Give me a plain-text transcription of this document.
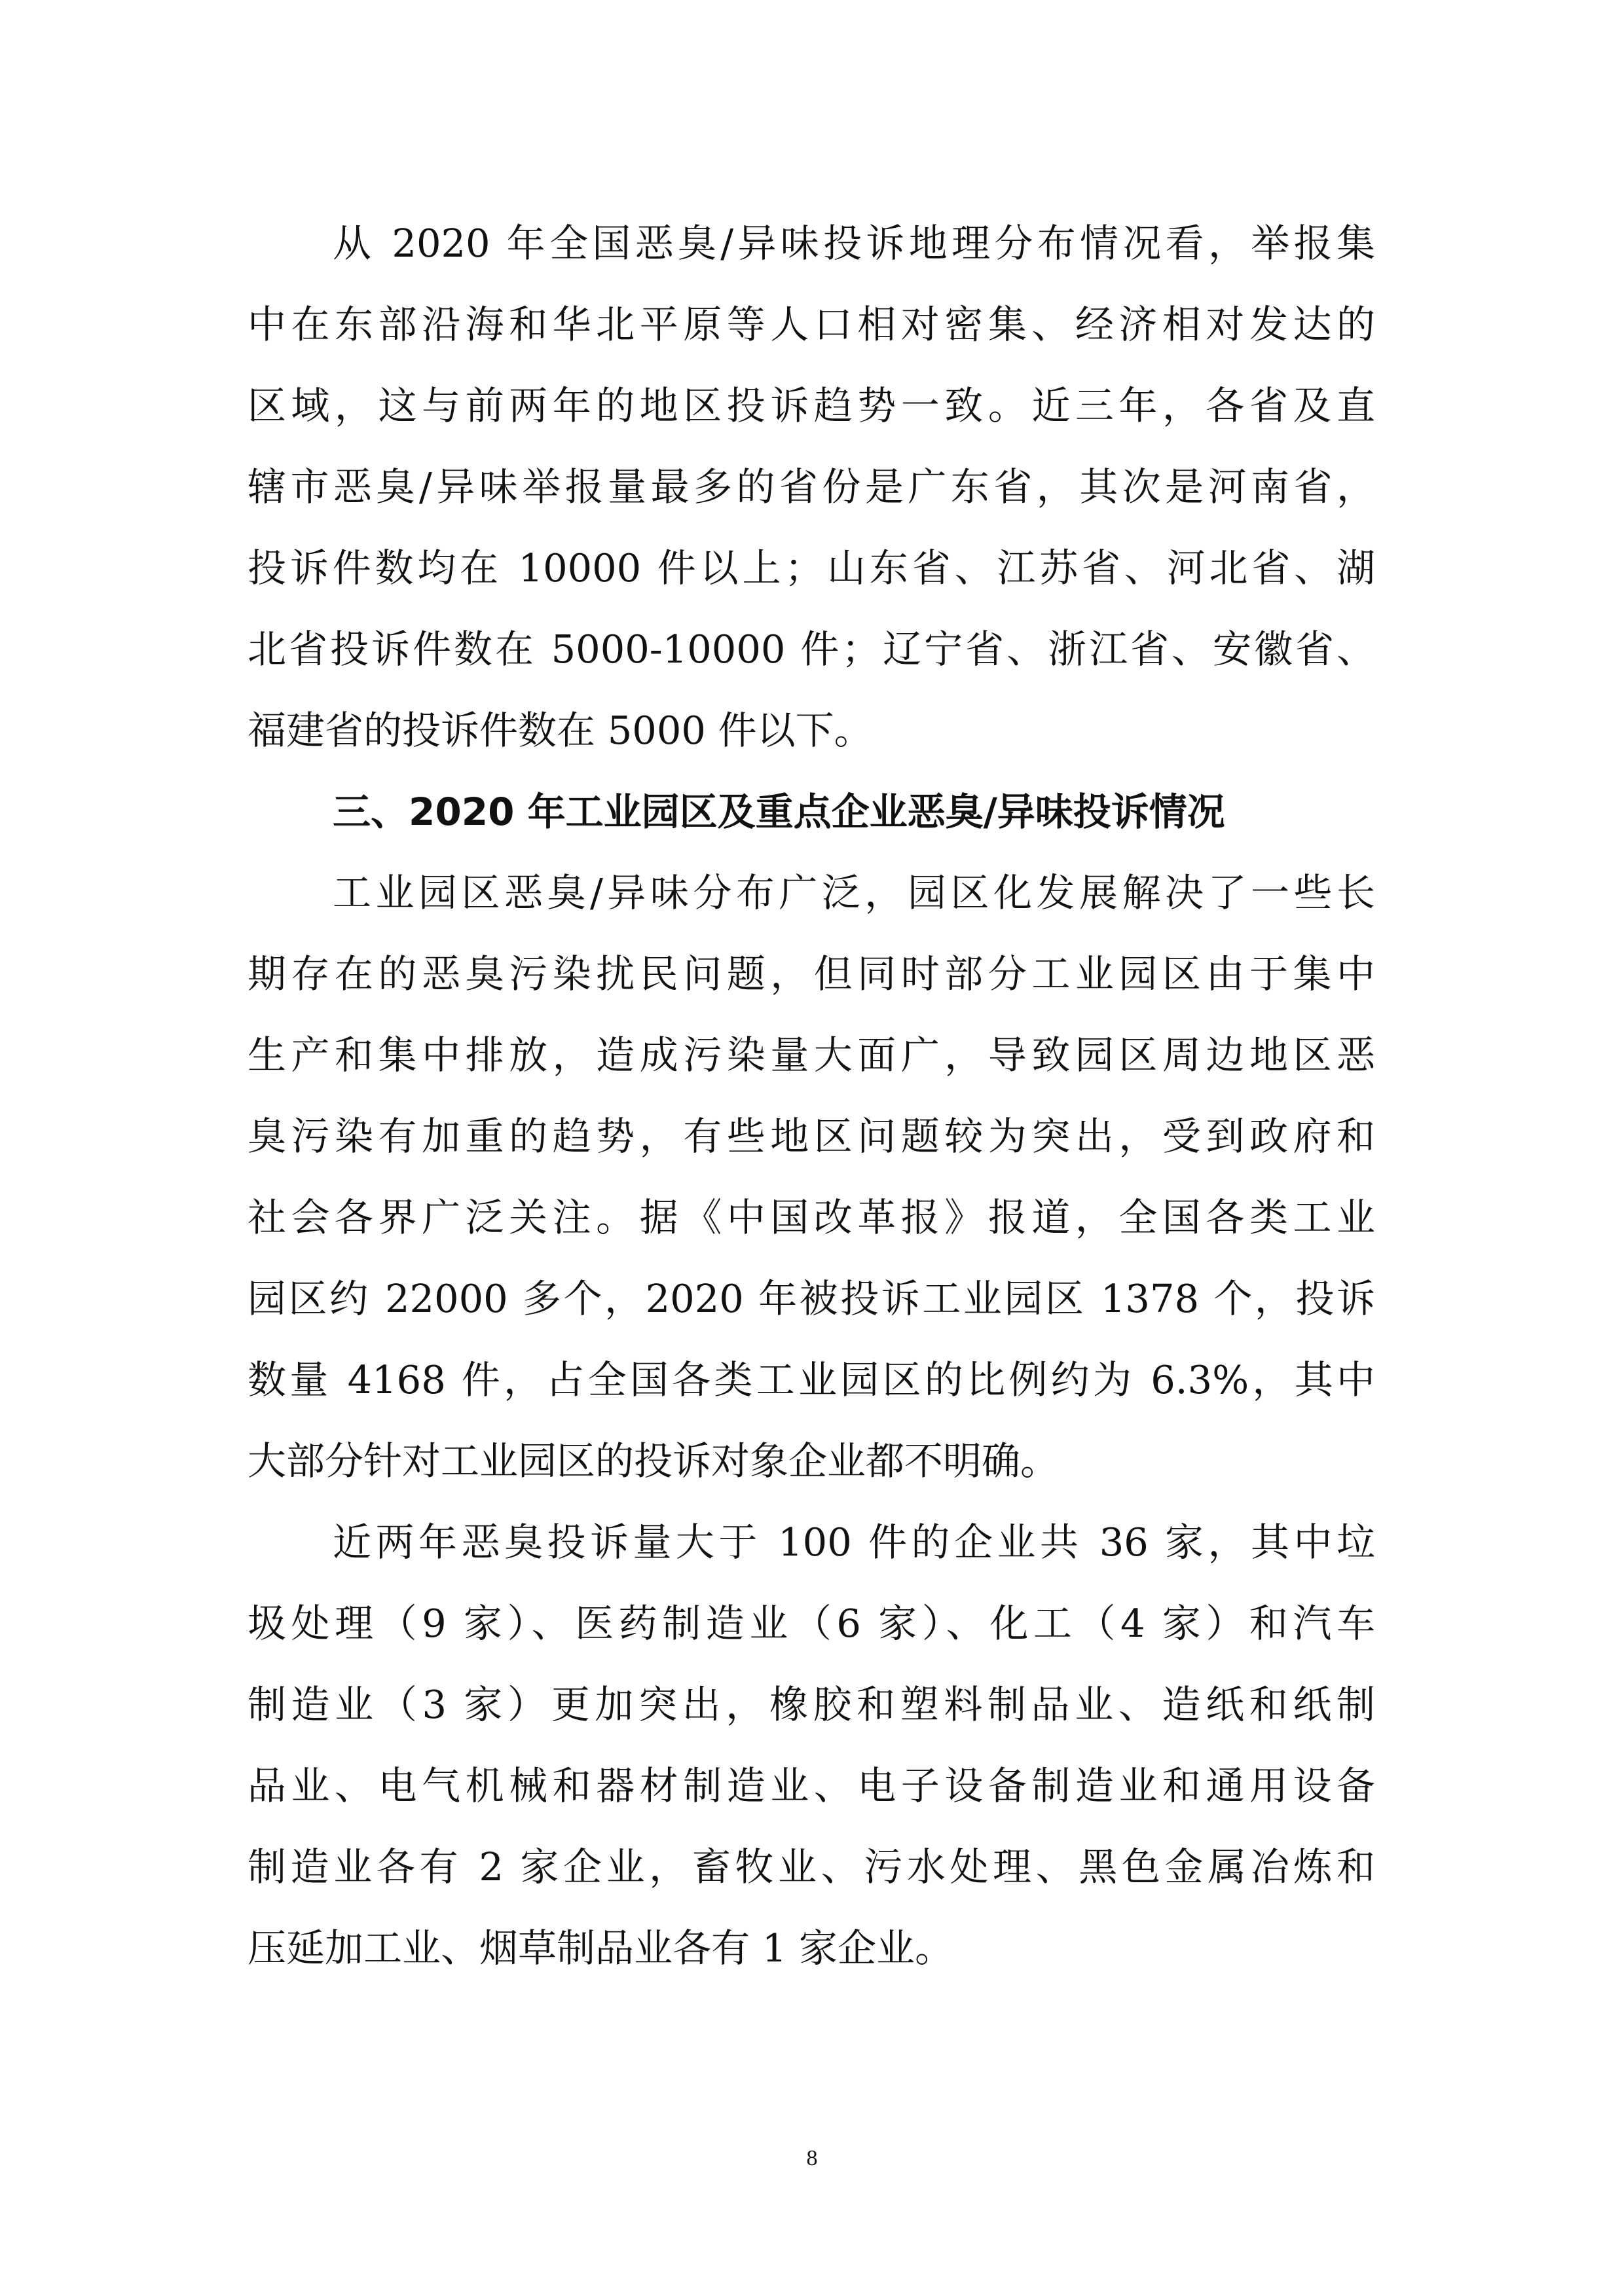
从 2020 年全国恶臭/异味投诉地理分布情况看，举报集
中在东部沿海和华北平原等人口相对密集、经济相对发达的
区域，这与前两年的地区投诉趋势一致。近三年，各省及直
辖市恶臭/异味举报量最多的省份是广东省，其次是河南省，
投诉件数均在 10000 件以上；山东省、江苏省、河北省、湖
北省投诉件数在 5000-10000 件；辽宁省、浙江省、安徽省、
福建省的投诉件数在 5000 件以下。
三、2020 年工业园区及重点企业恶臭/异味投诉情况
工业园区恶臭/异味分布广泛，园区化发展解决了一些长
期存在的恶臭污染扰民问题，但同时部分工业园区由于集中
生产和集中排放，造成污染量大面广，导致园区周边地区恶
臭污染有加重的趋势，有些地区问题较为突出，受到政府和
社会各界广泛关注。据《中国改革报》报道，全国各类工业
园区约 22000 多个，2020 年被投诉工业园区 1378 个，投诉
数量 4168 件，占全国各类工业园区的比例约为 6.3%，其中
大部分针对工业园区的投诉对象企业都不明确。
近两年恶臭投诉量大于 100 件的企业共 36 家，其中垃
圾处理（9 家）、医药制造业（6 家）、化工（4 家）和汽车
制造业（3 家）更加突出，橡胶和塑料制品业、造纸和纸制
品业、电气机械和器材制造业、电子设备制造业和通用设备
制造业各有 2 家企业，畜牧业、污水处理、黑色金属冶炼和
压延加工业、烟草制品业各有 1 家企业。
8
